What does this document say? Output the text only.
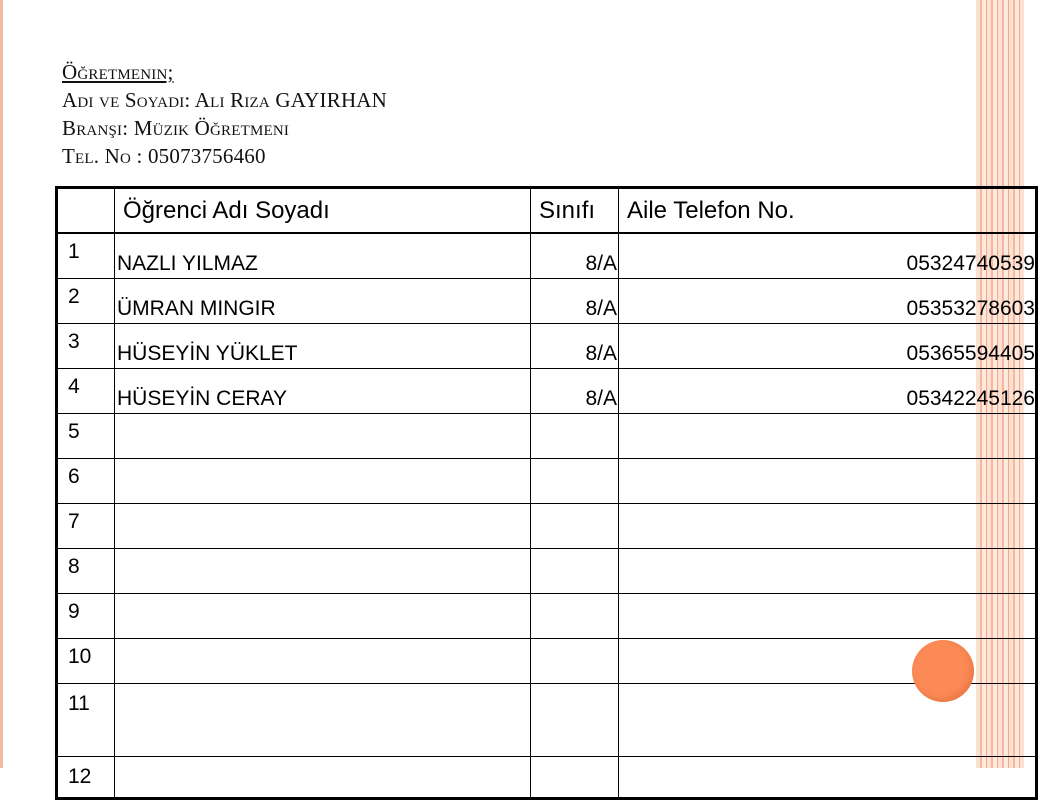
Öğretmenin;
Adı ve Soyadı: Alı Rıza GAYIRHAN
Branşı: Müzik Öğretmeni
Tel. No : 05073756460
	Öğrenci Adı Soyadı	Sınıfı	Aile Telefon No.
1	NAZLI YILMAZ	8/A	05324740539
2	ÜMRAN MINGIR	8/A	05353278603
3	HÜSEYİN YÜKLET	8/A	05365594405
4	HÜSEYİN CERAY	8/A	05342245126
5			
6			
7			
8			
9			
10			
11			
12			
